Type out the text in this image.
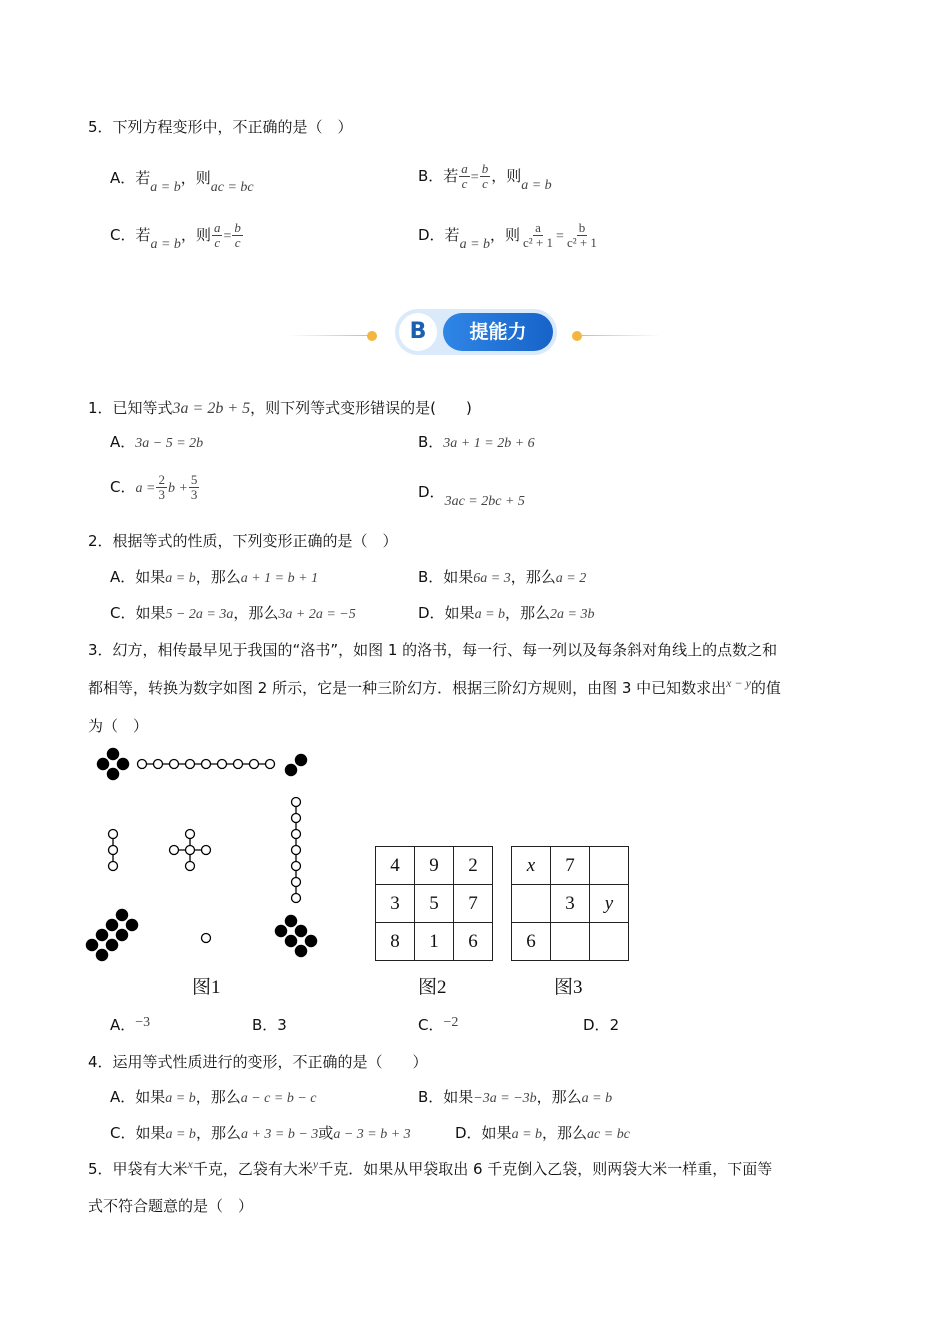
5．下列方程变形中，不正确的是（　）
A．若a = b，则ac = bc
B．若 $\frac{a}{c} = \frac{b}{c}$ ，则a = b
C．若a = b，则 $\frac{a}{c} = \frac{b}{c}$	D．若a = b，则 $\frac{a}{\text{c² + 1}} = \frac{b}{\text{c² + 1}}$
B	提能力
1．已知等式3a = 2b + 5，则下列等式变形错误的是(　　)
A．3a − 5 = 2b	B．3a + 1 = 2b + 6
C．$a = \frac{2}{3}$ $b + \frac{5}{3}$	D．3ac = 2bc + 5
2．根据等式的性质，下列变形正确的是（　）
A．如果a = b，那么a + 1 = b + 1	B．如果6a = 3，那么a = 2
C．如果5 − 2a = 3a，那么3a + 2a = −5	D．如果a = b，那么2a = 3b
3．幻方，相传最早见于我国的“洛书”，如图 1 的洛书，每一行、每一列以及每条斜对角线上的点数之和
都相等，转换为数字如图 2 所示，它是一种三阶幻方．根据三阶幻方规则，由图 3 中已知数求出$^{x - y}$的值
为（　）
图1
4	9	2
3	5	7
8	1	6
图2
x	7	
	3	y
6		
图3
A．−3	B．3	C．−2	D．2
4．运用等式性质进行的变形，不正确的是（　　）
A．如果a = b，那么a − c = b − c	B．如果−3a = −3b，那么a = b
C．如果a = b，那么a + 3 = b − 3或a − 3 = b + 3	D．如果a = b，那么ac = bc
5．甲袋有大米$^x$千克，乙袋有大米$^y$千克．如果从甲袋取出 6 千克倒入乙袋，则两袋大米一样重，下面等
式不符合题意的是（　）
